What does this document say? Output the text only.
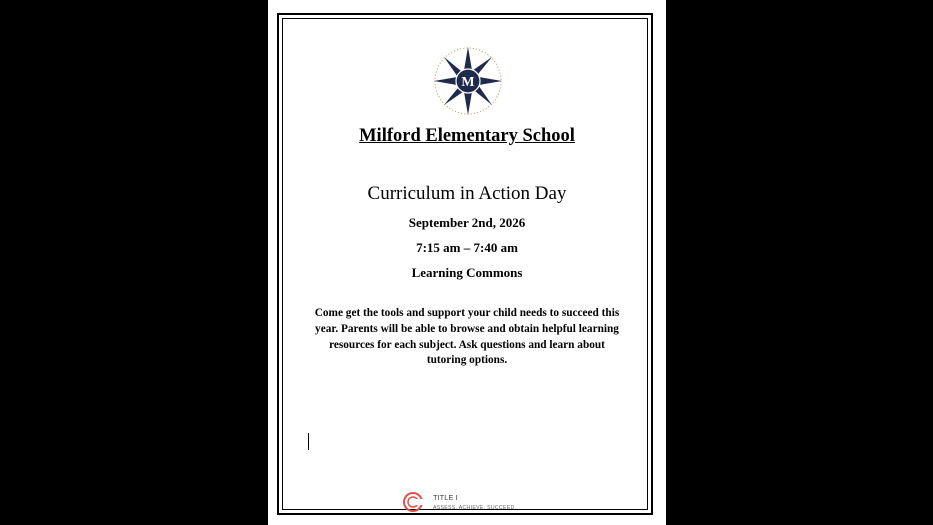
M
Milford Elementary School
Curriculum in Action Day
September 2nd, 2026
7:15 am – 7:40 am
Learning Commons
Come get the tools and support your child needs to succeed this year. Parents will be able to browse and obtain helpful learning resources for each subject. Ask questions and learn about tutoring options.
TITLE I
ASSESS. ACHIEVE. SUCCEED.
